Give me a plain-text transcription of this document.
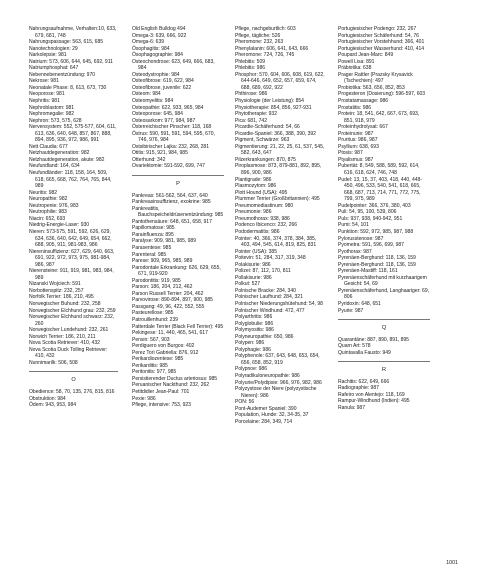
Nahrungsaufnahme, Verhalten:10, 633, 679, 681, 748
Nahrungspassage: 563, 615, 685
Nanotechnologien: 29
Narkolepsie: 981
Natrium: 573, 606, 644, 645, 692, 911
Natriumphosphat: 647
Nebennebenentzündung: 970
Nekrose: 981
Neonatale Phase: 8, 613, 673, 730
Neoporose: 981
Nephritis: 981
Nephroblastom: 981
Nephromegalie: 982
Nephron: 573, 575, 628
Nervensystem: 552, 575-577, 604, 611, 613, 636, 640, 648, 857, 867, 888, 894, 895, 936, 972, 986, 991
Nett Claudia: 677
Netzhautdegeneration: 982
Netzhautdegeneration, akute: 982
Neufundland: 164, 634
Neufundländer: 118, 158, 164, 509, 618, 665, 668, 762, 764, 765, 844, 989
Neuritis: 982
Neuropathie: 982
Neutropenie: 976, 983
Neutrophilie: 983
Niacin: 652, 693
Niedrig-Energie-Laser: 930
Nieren: 573-575, 591, 592, 626, 629, 634, 636, 640, 642, 649, 654, 662, 688, 905, 911, 981-983, 986
Niereninsuffizienz: 627, 629, 640, 663, 691, 922, 972, 973, 975, 981-984, 986, 987
Nierensteine: 911, 919, 981, 983, 984, 989
Nizanski Wojciech: 591
Norbottenspitz: 232, 257
Norfolk Terrier: 186, 210, 495
Norwegischer Buhund: 232, 258
Norwegischer Elchhund grau: 232, 259
Norwegischer Elchhund schwarz: 232, 260
Norwegischer Lundehund: 232, 261
Norwich Terrier: 186, 210, 211
Nova Scotia Retriever: 410, 432
Nova Scotia Duck Tolling Retriever: 410, 432
Nunnimarilk: 506, 508
O
Obedience: 58, 70, 135, 276, 815, 816
Obstruktion: 984
Ödem: 943, 953, 984
Old English Bulldog 494
Omega-3: 639, 666, 922
Omega-6: 639
Ösophagitis: 984
Ösophagographie: 984
Osteochondrose: 623, 649, 666, 683, 984
Osteodystrophie: 984
Osteofibrose: 619, 622, 984
Osteofibrose, juvenile: 622
Osteom: 984
Osteomyelitis: 984
Osteopathie: 622, 933, 965, 984
Osteoporose: 645, 984
Osteosarkom: 977, 984, 987
Österreichischer Pinscher: 118, 168
Östrus: 590, 591, 591, 594, 595, 670, 746, 976, 984
Ostsibirischer Lajka: 232, 268, 281
Otitis: 915, 921, 984, 985
Otterhund: 342
Ovariektomie: 591-592, 699, 747
P
Pankreas: 561-562, 564, 637, 640
Pankreasinsuffizienz, exokrine: 985
Pankreatitis, Bauchspeicheldrüsenentzündung: 985
Pantothensäure: 648, 651, 658, 917
Papillomatose: 985
Parainfluenza: 895
Paralyse: 909, 981, 985, 989
Parasentese: 985
Parenteral: 985
Parese: 909, 965, 985, 989
Parodontale Erkrankung: 626, 629, 655, 671, 919-920
Parodontitis: 919, 985
Parson: 186, 204, 212, 462
Parson Russell Terrier: 204, 462
Parvovirose: 890-894, 897, 900, 985
Passgang: 49, 96, 422, 552, 555
Pasteurellose: 985
Patrouillenhund: 239
Patterdale Terrier (Black Fell Terrier): 495
Pekingese: 11, 440, 465, 541, 617
Pensin: 567, 903
Perdiguero von Burgos: 402
Perez Torì Gabriella: 876, 912
Perikardiozentese: 985
Perikarditis: 985
Peritonitis: 977, 985
Persistierender Ductus arteriosus: 985
Peruanischer Nackthund: 232, 262
Petitdidier Jean-Paul: 701
Pexie: 986
Pflege, intensive: 753, 923
Pflege, nachgeburtlich: 603
Pflege, tägliche: 526
Pheromone: 232, 263
Phenylalanin: 606, 641, 643, 666
Pheromone: 724, 726, 745
Phlebitis: 509
Phlebitis: 986
Phosphor: 570, 604, 606, 608, 619, 622, 644-646, 649, 652, 657, 659, 674, 688, 689, 692, 922
Phthirose: 986
Physiologie (der Leistung): 854
Physiotherapie: 854, 856, 927-931
Phytotherapie: 932
Pica: 681, 742
Picardie-Schäferhund: 54, 66
Picardie-Spaniel: 366, 388, 390, 392
Pigment, Schwärze: 963
Pigmentierung: 21, 22, 25, 61, 537, 545, 582, 643, 647
Pilzerkrankungen: 870, 875
Piroplasmose: 873, 879-881, 892, 895, 896, 900, 986
Plantigrade: 986
Plasmozytom: 986
Plott Hound (USA): 495
Plummer Terrier (Großbritannien): 495
Pneumomediastinum: 980
Pneumonie: 986
Pneumothorax: 938, 986
Podenco Ibicenco: 232, 266
Pododermatitis: 986
Pointer: 40, 366, 374, 378, 384, 385, 403, 494, 545, 614, 819, 825, 831
Pointer (USA): 385
Poitevin: 51, 284, 317, 319, 348
Polakisurie: 986
Polizei: 87, 112, 170, 811
Pollakisurie: 986
Polkut: 527
Polnische Bracke: 284, 340
Polnischer Laufhund: 284, 321
Polnischer Niederungshütehund: 54, 98
Polnischer Windhund: 472, 477
Polyarthritis: 986
Polyglobulie: 986
Polymyositis: 986
Polyneuropathie: 650, 986
Polypen: 986
Polyphagie: 986
Polyphenole: 637, 643, 648, 653, 654, 656, 658, 852, 919
Polypnoe: 986
Polyradikuloneuropathie: 986
Polyurie/Polydipsie: 966, 976, 982, 986
Polyzystose der Niere (polyzystische Nieren): 986
PON: 56
Pont-Audemer Spaniel: 390
Population, Hunde: 32, 34-35, 37
Porcelaine: 284, 349, 714
Portugiesischer Podengo: 232, 267
Portugiesischer Schäferhund: 54, 76
Portugiesischer Vorstehhund: 366, 401
Portugiesischer Wasserhund: 410, 414
Poupard Jean-Marc: 849
Powell Lisa: 891
Präbiotika: 638
Prager Rattler (Prazsky Krysavick (Tschechien): 497
Probiotika: 563, 656, 852, 853
Progesteron (Dosierung): 596-597, 603
Prostatamassage: 986
Prostatitis: 986
Protein: 18, 541, 642, 667, 673, 693, 851, 918, 979
Proteinhydrolysat: 667
Proteinurie: 987
Pruritus: 986, 987
Psyllium: 638, 693
Ptosis: 987
Ptyalismus: 987
Pubertät: 8, 549, 588, 589, 592, 614, 616, 618, 624, 746, 748
Pudel: 13, 15, 37, 403, 418, 440, 448-450, 496, 533, 540, 541, 618, 665, 668, 687, 713, 714, 771, 772, 775, 799, 975, 989
Pudelpointer: 366, 376, 380, 403
Puli: 54, 95, 100, 539, 806
Puls: 937, 938, 940-942, 951
Pumi: 54, 101
Punktion: 592, 972, 985, 987, 988
Pylorusstenose: 987
Pyometra: 591, 596, 699, 987
Pyothorax: 987
Pyrenäen-Berghund: 118, 136, 159
Pyrenäen-Berghund: 118, 136, 159
Pyrenäen-Mastiff: 118, 161
Pyrenäenschäferhund mit kurzhaarigem Gesicht: 54, 69
Pyrenäenschäferhund, Langhaariger: 69, 806
Pyridoxin: 648, 651
Pyurie: 987
Q
Quarantäne: 887, 890, 891, 895
Quarn Art: 578
Quintavalla Fausto: 949
R
Rachitis: 622, 649, 666
Radiographie: 987
Rafeiro von Alentejo: 118, 169
Rampur-Windhund (Indien): 495
Ranula: 987
1001
